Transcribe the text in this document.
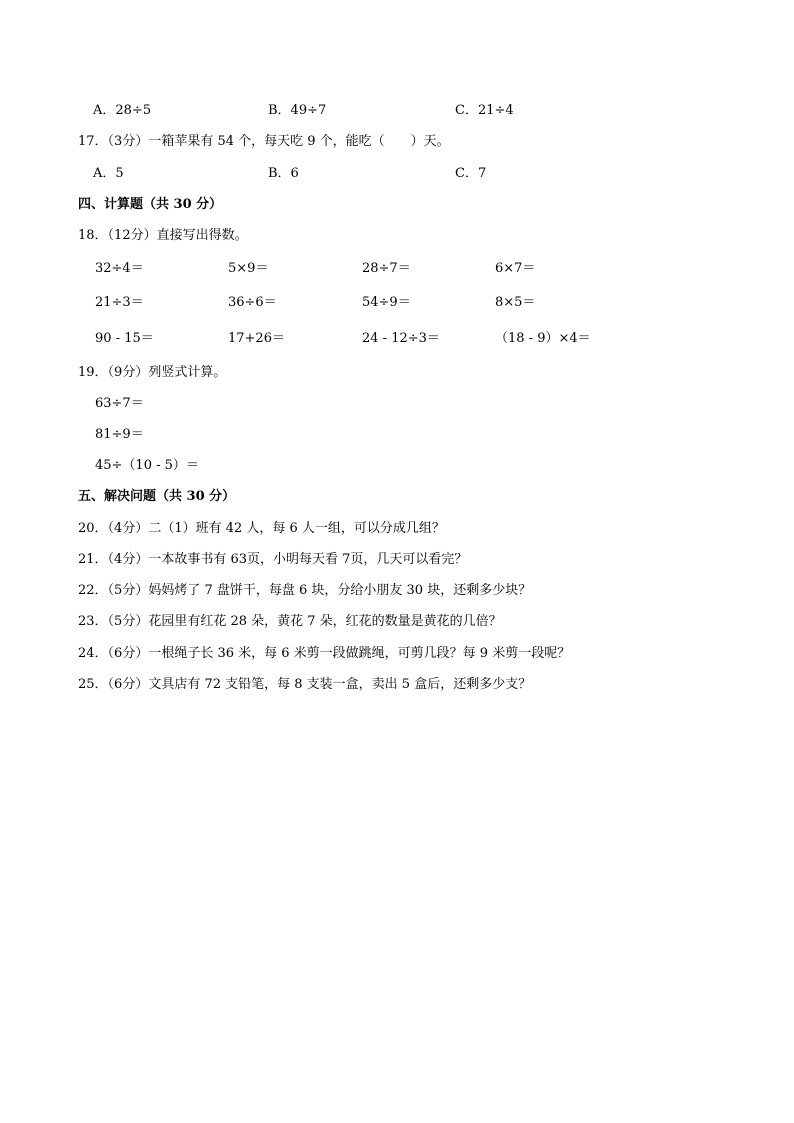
A．28÷5	B．49÷7	C．21÷4
17．（3分）一箱苹果有 54 个，每天吃 9 个，能吃（　　）天。
A．5	B．6	C．7
四、计算题（共 30 分）
18．（12分）直接写出得数。
32÷4＝	5×9＝	28÷7＝	6×7＝
21÷3＝	36÷6＝	54÷9＝	8×5＝
90 - 15＝	17+26＝	24 - 12÷3＝	（18 - 9）×4＝
19．（9分）列竖式计算。
63÷7＝
81÷9＝
45÷（10 - 5）＝
五、解决问题（共 30 分）
20．（4分）二（1）班有 42 人，每 6 人一组，可以分成几组？
21．（4分）一本故事书有 63页，小明每天看 7页，几天可以看完？
22．（5分）妈妈烤了 7 盘饼干，每盘 6 块，分给小朋友 30 块，还剩多少块？
23．（5分）花园里有红花 28 朵，黄花 7 朵，红花的数量是黄花的几倍？
24．（6分）一根绳子长 36 米，每 6 米剪一段做跳绳，可剪几段？每 9 米剪一段呢？
25．（6分）文具店有 72 支铅笔，每 8 支装一盒，卖出 5 盒后，还剩多少支？
